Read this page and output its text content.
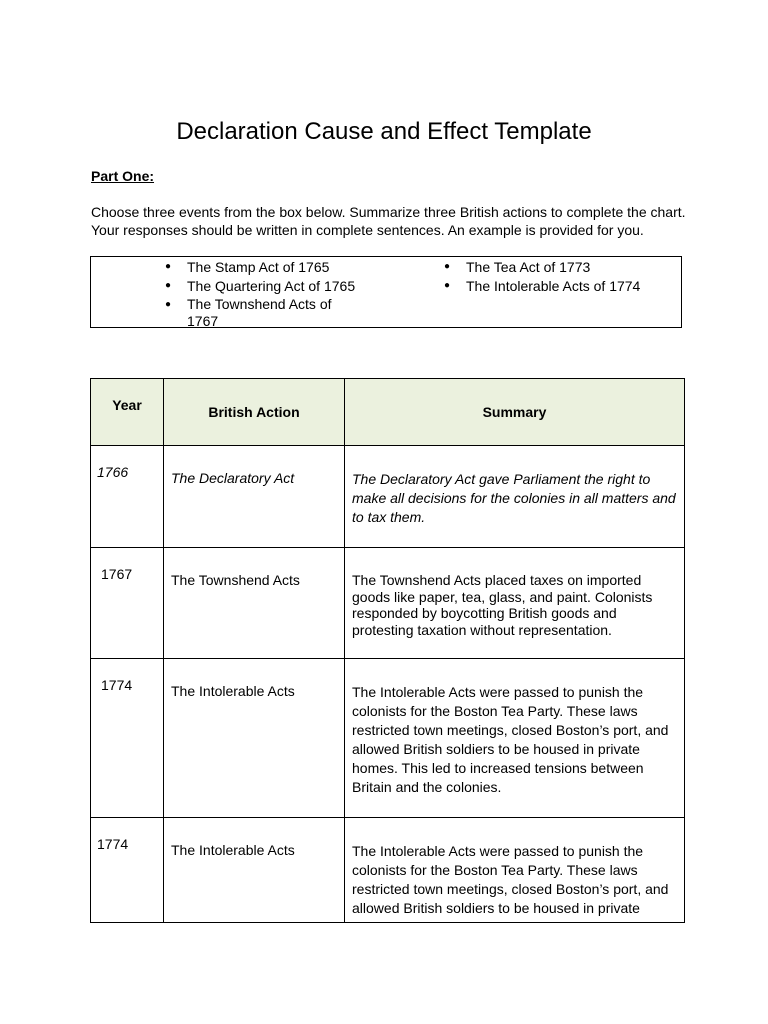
Declaration Cause and Effect Template

Part One:

Choose three events from the box below. Summarize three British actions to complete the chart. Your responses should be written in complete sentences. An example is provided for you.

● The Stamp Act of 1765
● The Quartering Act of 1765
● The Townshend Acts of 1767
● The Tea Act of 1773
● The Intolerable Acts of 1774
Year	British Action	Summary

1766	The Declaratory Act	The Declaratory Act gave Parliament the right to make all decisions for the colonies in all matters and to tax them.

1767	The Townshend Acts	The Townshend Acts placed taxes on imported goods like paper, tea, glass, and paint. Colonists responded by boycotting British goods and protesting taxation without representation.

1774	The Intolerable Acts	The Intolerable Acts were passed to punish the colonists for the Boston Tea Party. These laws restricted town meetings, closed Boston’s port, and allowed British soldiers to be housed in private homes. This led to increased tensions between Britain and the colonies.

1774	The Intolerable Acts	The Intolerable Acts were passed to punish the colonists for the Boston Tea Party. These laws restricted town meetings, closed Boston’s port, and allowed British soldiers to be housed in private
